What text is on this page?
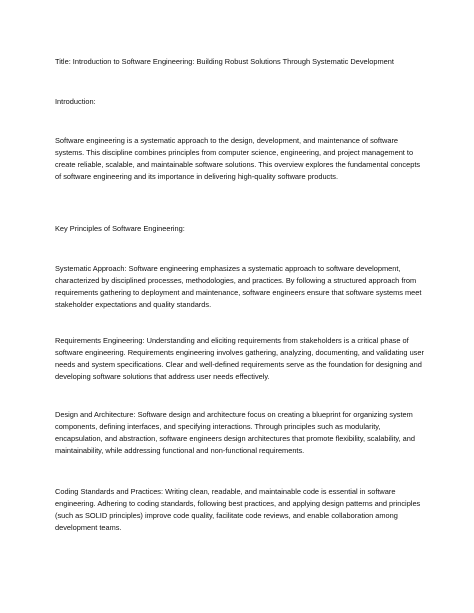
Title: Introduction to Software Engineering: Building Robust Solutions Through Systematic Development
Introduction:
Software engineering is a systematic approach to the design, development, and maintenance of software systems. This discipline combines principles from computer science, engineering, and project management to create reliable, scalable, and maintainable software solutions. This overview explores the fundamental concepts of software engineering and its importance in delivering high-quality software products.
Key Principles of Software Engineering:
Systematic Approach: Software engineering emphasizes a systematic approach to software development, characterized by disciplined processes, methodologies, and practices. By following a structured approach from requirements gathering to deployment and maintenance, software engineers ensure that software systems meet stakeholder expectations and quality standards.
Requirements Engineering: Understanding and eliciting requirements from stakeholders is a critical phase of software engineering. Requirements engineering involves gathering, analyzing, documenting, and validating user needs and system specifications. Clear and well-defined requirements serve as the foundation for designing and developing software solutions that address user needs effectively.
Design and Architecture: Software design and architecture focus on creating a blueprint for organizing system components, defining interfaces, and specifying interactions. Through principles such as modularity, encapsulation, and abstraction, software engineers design architectures that promote flexibility, scalability, and maintainability, while addressing functional and non-functional requirements.
Coding Standards and Practices: Writing clean, readable, and maintainable code is essential in software engineering. Adhering to coding standards, following best practices, and applying design patterns and principles (such as SOLID principles) improve code quality, facilitate code reviews, and enable collaboration among development teams.
